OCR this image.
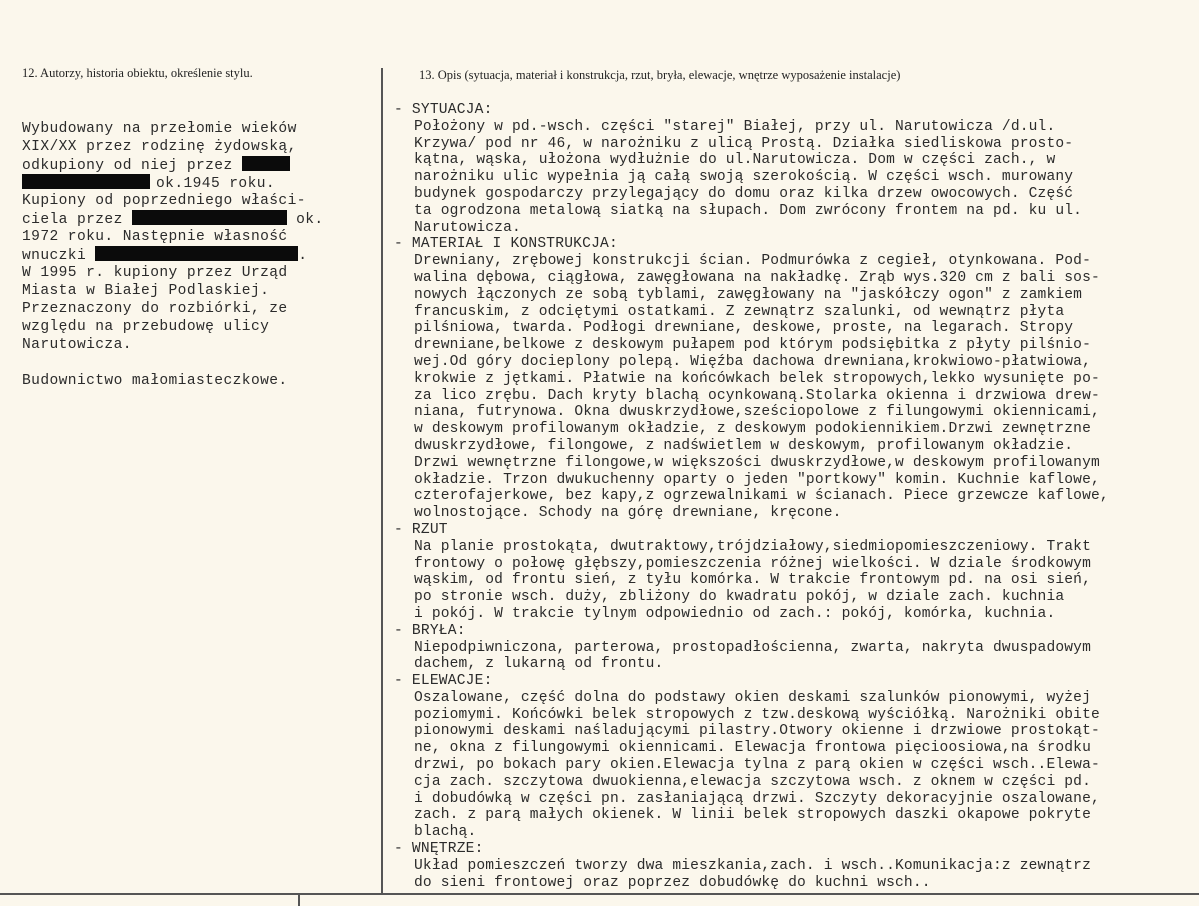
12. Autorzy, historia obiektu, określenie stylu.	13. Opis (sytuacja, materiał i konstrukcja, rzut, bryła, elewacje, wnętrze wyposażenie instalacje)
Wybudowany na przełomie wieków
XIX/XX przez rodzinę żydowską,
odkupiony od niej przez
ok.1945 roku.
Kupiony od poprzedniego właści-
ciela przez	ok.
1972 roku. Następnie własność
wnuczki	.
W 1995 r. kupiony przez Urząd
Miasta w Białej Podlaskiej.
Przeznaczony do rozbiórki, ze
względu na przebudowę ulicy
Narutowicza.
Budownictwo małomiasteczkowe.
- SYTUACJA:
Położony w pd.-wsch. części "starej" Białej, przy ul. Narutowicza /d.ul.
Krzywa/ pod nr 46, w narożniku z ulicą Prostą. Działka siedliskowa prosto-
kątna, wąska, ułożona wydłużnie do ul.Narutowicza. Dom w części zach., w
narożniku ulic wypełnia ją całą swoją szerokością. W części wsch. murowany
budynek gospodarczy przylegający do domu oraz kilka drzew owocowych. Część
ta ogrodzona metalową siatką na słupach. Dom zwrócony frontem na pd. ku ul.
Narutowicza.
- MATERIAŁ I KONSTRUKCJA:
Drewniany, zrębowej konstrukcji ścian. Podmurówka z cegieł, otynkowana. Pod-
walina dębowa, ciągłowa, zawęgłowana na nakładkę. Zrąb wys.320 cm z bali sos-
nowych łączonych ze sobą tyblami, zawęgłowany na "jaskółczy ogon" z zamkiem
francuskim, z odciętymi ostatkami. Z zewnątrz szalunki, od wewnątrz płyta
pilśniowa, twarda. Podłogi drewniane, deskowe, proste, na legarach. Stropy
drewniane,belkowe z deskowym pułapem pod którym podsiębitka z płyty pilśnio-
wej.Od góry docieplony polepą. Więźba dachowa drewniana,krokwiowo-płatwiowa,
krokwie z jętkami. Płatwie na końcówkach belek stropowych,lekko wysunięte po-
za lico zrębu. Dach kryty blachą ocynkowaną.Stolarka okienna i drzwiowa drew-
niana, futrynowa. Okna dwuskrzydłowe,sześciopolowe z filungowymi okiennicami,
w deskowym profilowanym okładzie, z deskowym podokiennikiem.Drzwi zewnętrzne
dwuskrzydłowe, filongowe, z nadświetlem w deskowym, profilowanym okładzie.
Drzwi wewnętrzne filongowe,w większości dwuskrzydłowe,w deskowym profilowanym
okładzie. Trzon dwukuchenny oparty o jeden "portkowy" komin. Kuchnie kaflowe,
czterofajerkowe, bez kapy,z ogrzewalnikami w ścianach. Piece grzewcze kaflowe,
wolnostojące. Schody na górę drewniane, kręcone.
- RZUT
Na planie prostokąta, dwutraktowy,trójdziałowy,siedmiopomieszczeniowy. Trakt
frontowy o połowę głębszy,pomieszczenia różnej wielkości. W dziale środkowym
wąskim, od frontu sień, z tyłu komórka. W trakcie frontowym pd. na osi sień,
po stronie wsch. duży, zbliżony do kwadratu pokój, w dziale zach. kuchnia
i pokój. W trakcie tylnym odpowiednio od zach.: pokój, komórka, kuchnia.
- BRYŁA:
Niepodpiwniczona, parterowa, prostopadłościenna, zwarta, nakryta dwuspadowym
dachem, z lukarną od frontu.
- ELEWACJE:
Oszalowane, część dolna do podstawy okien deskami szalunków pionowymi, wyżej
poziomymi. Końcówki belek stropowych z tzw.deskową wyściółką. Narożniki obite
pionowymi deskami naśladującymi pilastry.Otwory okienne i drzwiowe prostokąt-
ne, okna z filungowymi okiennicami. Elewacja frontowa pięcioosiowa,na środku
drzwi, po bokach pary okien.Elewacja tylna z parą okien w części wsch..Elewa-
cja zach. szczytowa dwuokienna,elewacja szczytowa wsch. z oknem w części pd.
i dobudówką w części pn. zasłaniającą drzwi. Szczyty dekoracyjnie oszalowane,
zach. z parą małych okienek. W linii belek stropowych daszki okapowe pokryte
blachą.
- WNĘTRZE:
Układ pomieszczeń tworzy dwa mieszkania,zach. i wsch..Komunikacja:z zewnątrz
do sieni frontowej oraz poprzez dobudówkę do kuchni wsch..
